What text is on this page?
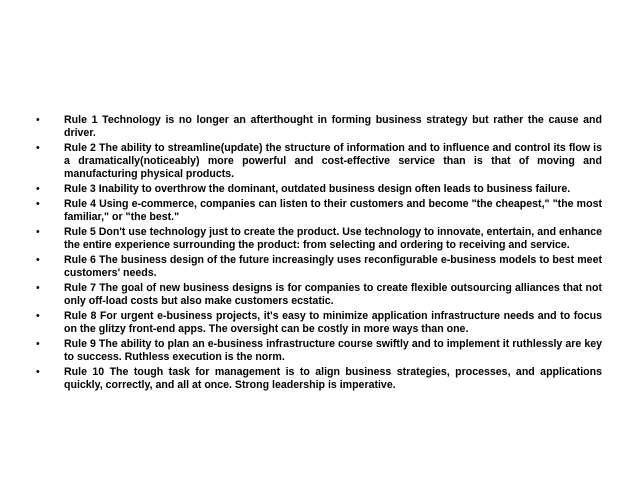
•	Rule 1 Technology is no longer an afterthought in forming business strategy but rather the cause and driver.
•	Rule 2 The ability to streamline(update) the structure of information and to influence and control its flow is a dramatically(noticeably) more powerful and cost-effective service than is that of moving and manufacturing physical products.
•	Rule 3 Inability to overthrow the dominant, outdated business design often leads to business failure.
•	Rule 4 Using e-commerce, companies can listen to their customers and become "the cheapest," "the most familiar," or "the best."
•	Rule 5 Don't use technology just to create the product. Use technology to innovate, entertain, and enhance the entire experience surrounding the product: from selecting and ordering to receiving and service.
•	Rule 6 The business design of the future increasingly uses reconfigurable e-business models to best meet customers' needs.
•	Rule 7 The goal of new business designs is for companies to create flexible outsourcing alliances that not only off-load costs but also make customers ecstatic.
•	Rule 8 For urgent e-business projects, it's easy to minimize application infrastructure needs and to focus on the glitzy front-end apps. The oversight can be costly in more ways than one.
•	Rule 9 The ability to plan an e-business infrastructure course swiftly and to implement it ruthlessly are key to success. Ruthless execution is the norm.
•	Rule 10 The tough task for management is to align business strategies, processes, and applications quickly, correctly, and all at once. Strong leadership is imperative.
